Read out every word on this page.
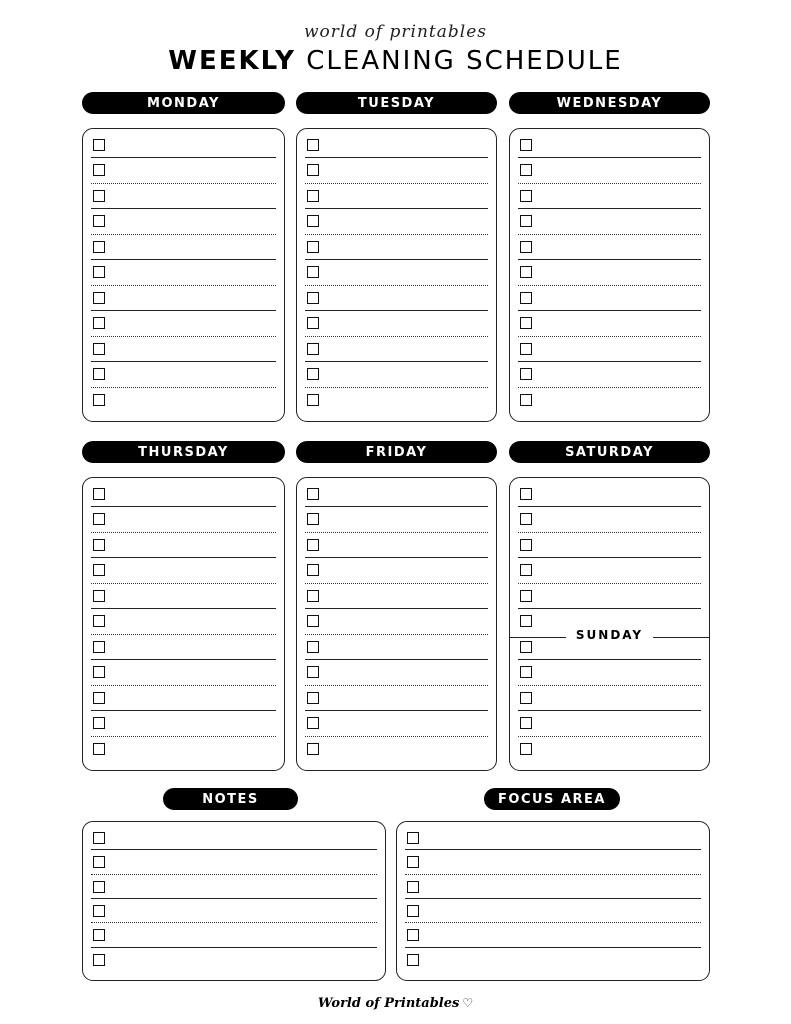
world of printables
WEEKLY CLEANING SCHEDULE
MONDAY	TUESDAY	WEDNESDAY
THURSDAY	FRIDAY	SATURDAY
SUNDAY
NOTES	FOCUS AREA
World of Printables ♡
